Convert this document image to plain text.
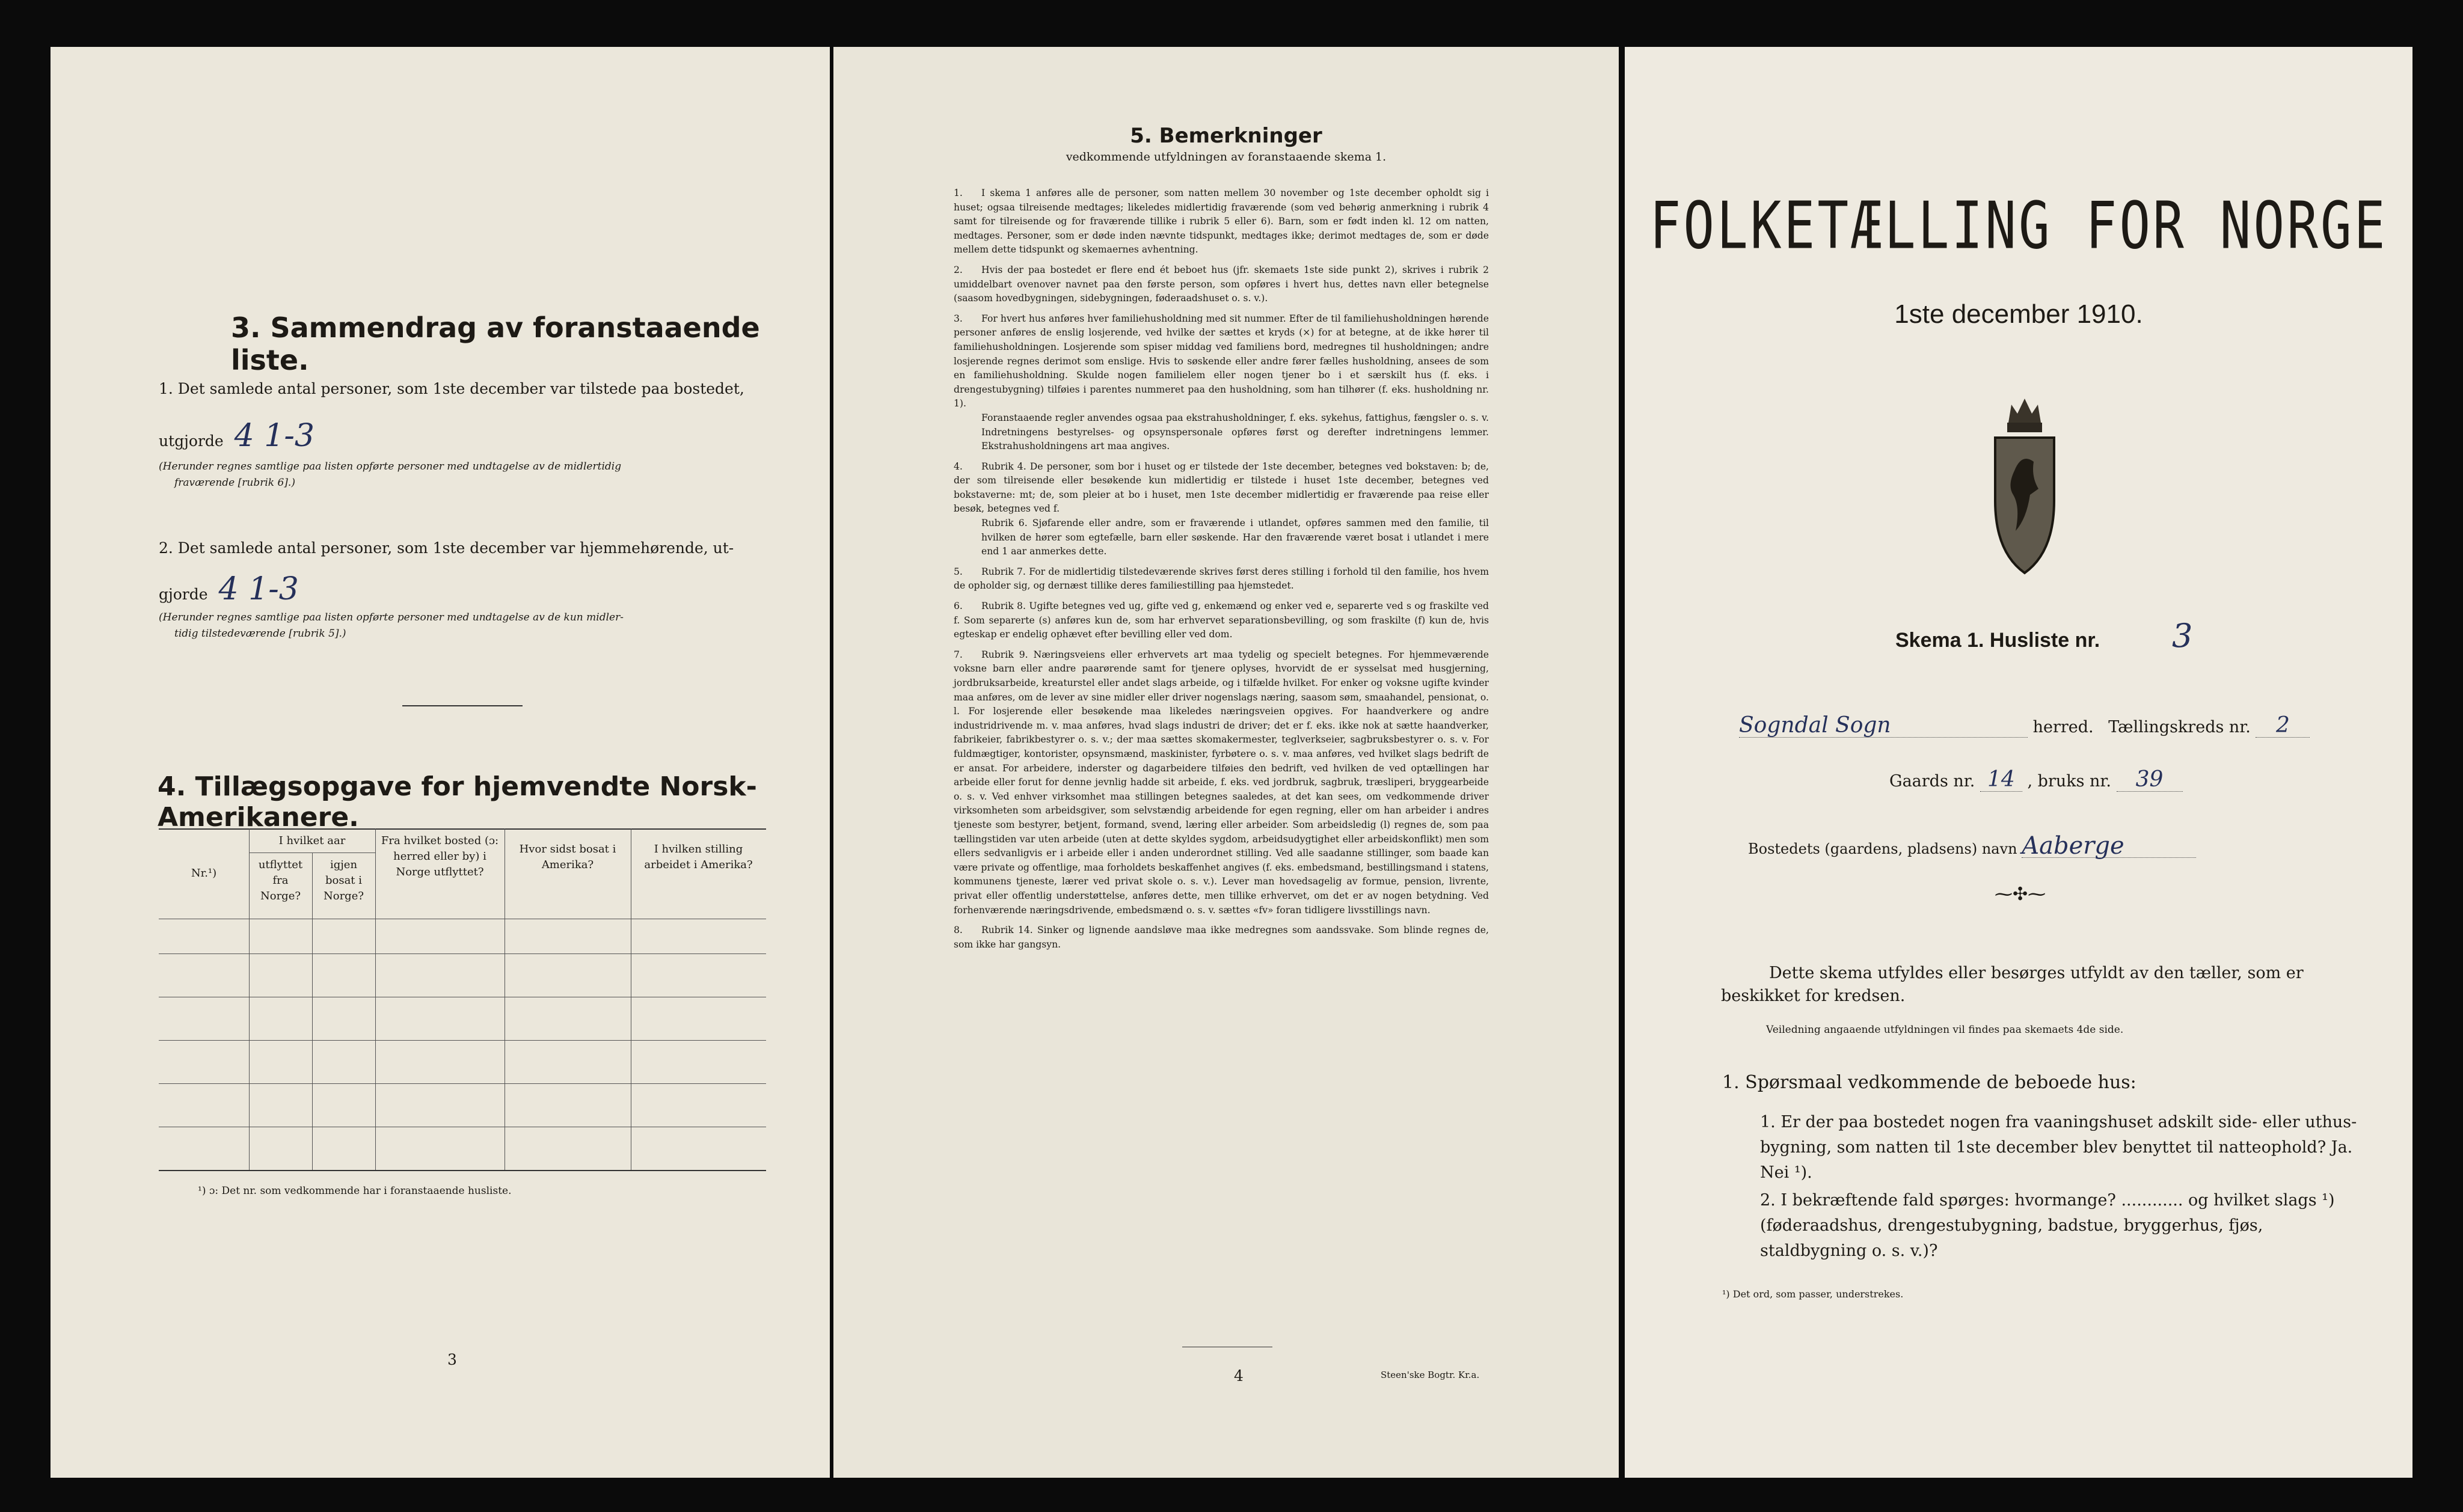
3. Sammendrag av foranstaaende liste.
1. Det samlede antal personer, som 1ste december var tilstede paa bostedet,
utgjorde 4 1-3
(Herunder regnes samtlige paa listen opførte personer med undtagelse av de midlertidig
fraværende [rubrik 6].)
2. Det samlede antal personer, som 1ste december var hjemmehørende, ut-
gjorde 4 1-3
(Herunder regnes samtlige paa listen opførte personer med undtagelse av de kun midler-
tidig tilstedeværende [rubrik 5].)
4. Tillægsopgave for hjemvendte Norsk-Amerikanere.
Nr.¹)
I hvilket aar
utflyttet fra Norge?
igjen bosat i Norge?
Fra hvilket bosted (ɔ: herred eller by) i Norge utflyttet?
Hvor sidst bosat i Amerika?
I hvilken stilling arbeidet i Amerika?
¹) ɔ: Det nr. som vedkommende har i foranstaaende husliste.
3
5. Bemerkninger
vedkommende utfyldningen av foranstaaende skema 1.

1. I skema 1 anføres alle de personer, som natten mellem 30 november og 1ste december opholdt sig i huset; ogsaa tilreisende medtages; likeledes midlertidig fraværende (som ved behørig anmerkning i rubrik 4 samt for tilreisende og for fraværende tillike i rubrik 5 eller 6). Barn, som er født inden kl. 12 om natten, medtages. Personer, som er døde inden nævnte tidspunkt, medtages ikke; derimot medtages de, som er døde mellem dette tidspunkt og skemaernes avhentning.

2. Hvis der paa bostedet er flere end ét beboet hus (jfr. skemaets 1ste side punkt 2), skrives i rubrik 2 umiddelbart ovenover navnet paa den første person, som opføres i hvert hus, dettes navn eller betegnelse (saasom hovedbygningen, sidebygningen, føderaadshuset o. s. v.).

3. For hvert hus anføres hver familiehusholdning med sit nummer. Efter de til familiehusholdningen hørende personer anføres de enslig losjerende, ved hvilke der sættes et kryds (×) for at betegne, at de ikke hører til familiehusholdningen. Losjerende som spiser middag ved familiens bord, medregnes til husholdningen; andre losjerende regnes derimot som enslige. Hvis to søskende eller andre fører fælles husholdning, ansees de som en familiehusholdning. Skulde nogen familielem eller nogen tjener bo i et særskilt hus (f. eks. i drengestubygning) tilføies i parentes nummeret paa den husholdning, som han tilhører (f. eks. husholdning nr. 1).

Foranstaaende regler anvendes ogsaa paa ekstrahusholdninger, f. eks. sykehus, fattighus, fængsler o. s. v. Indretningens bestyrelses- og opsynspersonale opføres først og derefter indretningens lemmer. Ekstrahusholdningens art maa angives.

4. Rubrik 4. De personer, som bor i huset og er tilstede der 1ste december, betegnes ved bokstaven: b; de, der som tilreisende eller besøkende kun midlertidig er tilstede i huset 1ste december, betegnes ved bokstaverne: mt; de, som pleier at bo i huset, men 1ste december midlertidig er fraværende paa reise eller besøk, betegnes ved f.

Rubrik 6. Sjøfarende eller andre, som er fraværende i utlandet, opføres sammen med den familie, til hvilken de hører som egtefælle, barn eller søskende. Har den fraværende været bosat i utlandet i mere end 1 aar anmerkes dette.

5. Rubrik 7. For de midlertidig tilstedeværende skrives først deres stilling i forhold til den familie, hos hvem de opholder sig, og dernæst tillike deres familiestilling paa hjemstedet.

6. Rubrik 8. Ugifte betegnes ved ug, gifte ved g, enkemænd og enker ved e, separerte ved s og fraskilte ved f. Som separerte (s) anføres kun de, som har erhvervet separationsbevilling, og som fraskilte (f) kun de, hvis egteskap er endelig ophævet efter bevilling eller ved dom.

7. Rubrik 9. Næringsveiens eller erhvervets art maa tydelig og specielt betegnes. For hjemmeværende voksne barn eller andre paarørende samt for tjenere oplyses, hvorvidt de er sysselsat med husgjerning, jordbruksarbeide, kreaturstel eller andet slags arbeide, og i tilfælde hvilket. For enker og voksne ugifte kvinder maa anføres, om de lever av sine midler eller driver nogenslags næring, saasom søm, smaahandel, pensionat, o. l. For losjerende eller besøkende maa likeledes næringsveien opgives. For haandverkere og andre industridrivende m. v. maa anføres, hvad slags industri de driver; det er f. eks. ikke nok at sætte haandverker, fabrikeier, fabrikbestyrer o. s. v.; der maa sættes skomakermester, teglverkseier, sagbruksbestyrer o. s. v. For fuldmægtiger, kontorister, opsynsmænd, maskinister, fyrbøtere o. s. v. maa anføres, ved hvilket slags bedrift de er ansat. For arbeidere, inderster og dagarbeidere tilføies den bedrift, ved hvilken de ved optællingen har arbeide eller forut for denne jevnlig hadde sit arbeide, f. eks. ved jordbruk, sagbruk, træsliperi, bryggearbeide o. s. v. Ved enhver virksomhet maa stillingen betegnes saaledes, at det kan sees, om vedkommende driver virksomheten som arbeidsgiver, som selvstændig arbeidende for egen regning, eller om han arbeider i andres tjeneste som bestyrer, betjent, formand, svend, læring eller arbeider. Som arbeidsledig (l) regnes de, som paa tællingstiden var uten arbeide (uten at dette skyldes sygdom, arbeidsudygtighet eller arbeidskonflikt) men som ellers sedvanligvis er i arbeide eller i anden underordnet stilling. Ved alle saadanne stillinger, som baade kan være private og offentlige, maa forholdets beskaffenhet angives (f. eks. embedsmand, bestillingsmand i statens, kommunens tjeneste, lærer ved privat skole o. s. v.). Lever man hovedsagelig av formue, pension, livrente, privat eller offentlig understøttelse, anføres dette, men tillike erhvervet, om det er av nogen betydning. Ved forhenværende næringsdrivende, embedsmænd o. s. v. sættes «fv» foran tidligere livsstillings navn.

8. Rubrik 14. Sinker og lignende aandsløve maa ikke medregnes som aandssvake. Som blinde regnes de, som ikke har gangsyn.

4	Steen'ske Bogtr. Kr.a.
FOLKETÆLLING FOR NORGE
1ste december 1910.
Skema 1. Husliste nr. 3
Sogndal Sogn	herred. Tællingskreds nr. 2
Gaards nr. 14 , bruks nr. 39
Bostedets (gaardens, pladsens) navn Aaberge
⁓✣⁓
Dette skema utfyldes eller besørges utfyldt av den tæller, som er
beskikket for kredsen.
Veiledning angaaende utfyldningen vil findes paa skemaets 4de side.
1. Spørsmaal vedkommende de beboede hus:
1. Er der paa bostedet nogen fra vaaningshuset adskilt side- eller uthus-bygning, som natten til 1ste december blev benyttet til natteophold? Ja. Nei ¹).
2. I bekræftende fald spørges: hvormange? ............ og hvilket slags ¹) (føderaadshus, drengestubygning, badstue, bryggerhus, fjøs, staldbygning o. s. v.)?
¹) Det ord, som passer, understrekes.
